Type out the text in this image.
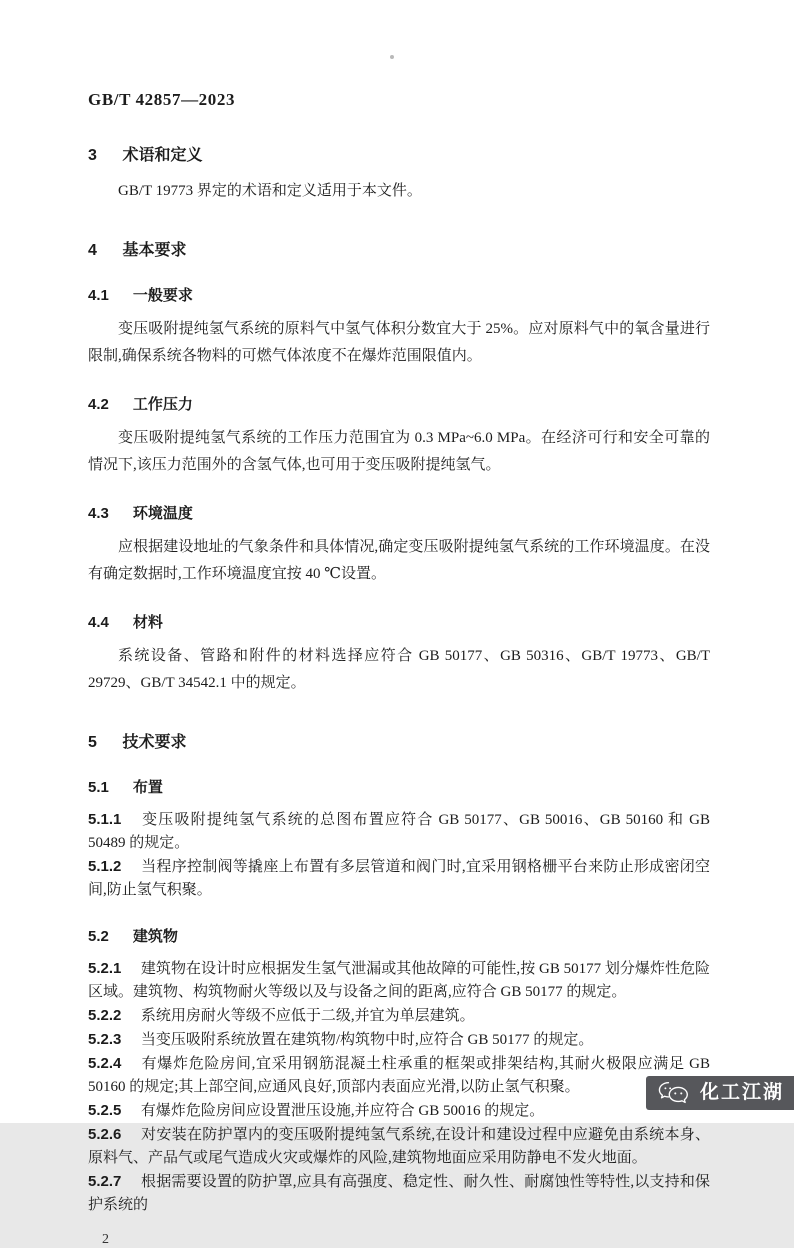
GB/T 42857—2023

3 术语和定义

GB/T 19773 界定的术语和定义适用于本文件。

4 基本要求

4.1 一般要求

变压吸附提纯氢气系统的原料气中氢气体积分数宜大于 25%。应对原料气中的氧含量进行限制,确保系统各物料的可燃气体浓度不在爆炸范围限值内。

4.2 工作压力

变压吸附提纯氢气系统的工作压力范围宜为 0.3 MPa~6.0 MPa。在经济可行和安全可靠的情况下,该压力范围外的含氢气体,也可用于变压吸附提纯氢气。

4.3 环境温度

应根据建设地址的气象条件和具体情况,确定变压吸附提纯氢气系统的工作环境温度。在没有确定数据时,工作环境温度宜按 40 ℃设置。

4.4 材料

系统设备、管路和附件的材料选择应符合 GB 50177、GB 50316、GB/T 19773、GB/T 29729、GB/T 34542.1 中的规定。

5 技术要求

5.1 布置

5.1.1 变压吸附提纯氢气系统的总图布置应符合 GB 50177、GB 50016、GB 50160 和 GB 50489 的规定。

5.1.2 当程序控制阀等撬座上布置有多层管道和阀门时,宜采用钢格栅平台来防止形成密闭空间,防止氢气积聚。

5.2 建筑物

5.2.1 建筑物在设计时应根据发生氢气泄漏或其他故障的可能性,按 GB 50177 划分爆炸性危险区域。建筑物、构筑物耐火等级以及与设备之间的距离,应符合 GB 50177 的规定。

5.2.2 系统用房耐火等级不应低于二级,并宜为单层建筑。

5.2.3 当变压吸附系统放置在建筑物/构筑物中时,应符合 GB 50177 的规定。

5.2.4 有爆炸危险房间,宜采用钢筋混凝土柱承重的框架或排架结构,其耐火极限应满足 GB 50160 的规定;其上部空间,应通风良好,顶部内表面应光滑,以防止氢气积聚。

5.2.5 有爆炸危险房间应设置泄压设施,并应符合 GB 50016 的规定。

5.2.6 对安装在防护罩内的变压吸附提纯氢气系统,在设计和建设过程中应避免由系统本身、原料气、产品气或尾气造成火灾或爆炸的风险,建筑物地面应采用防静电不发火地面。

5.2.7 根据需要设置的防护罩,应具有高强度、稳定性、耐久性、耐腐蚀性等特性,以支持和保护系统的

2
化工江湖
